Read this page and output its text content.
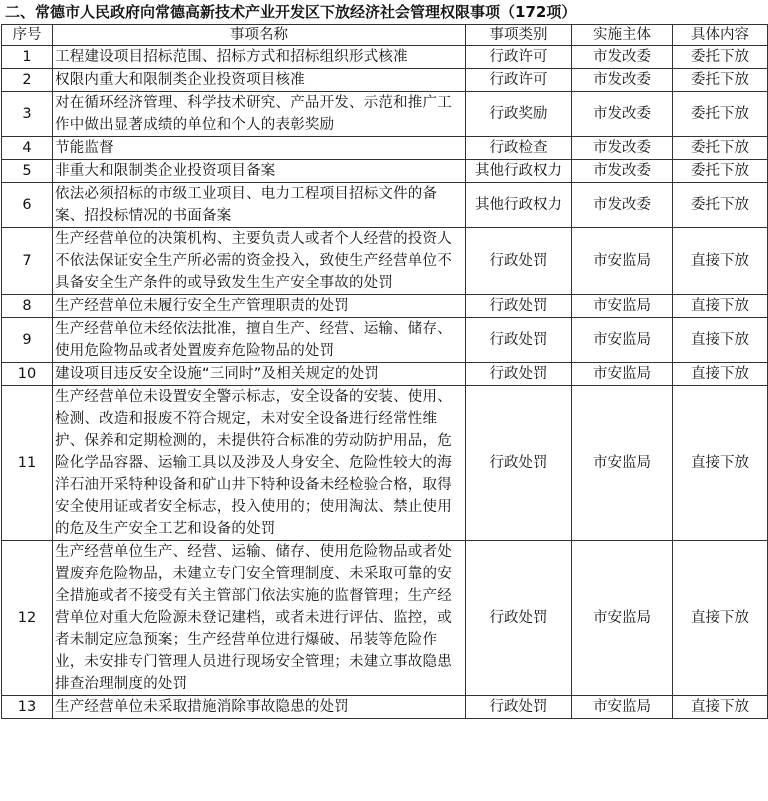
二、常德市人民政府向常德高新技术产业开发区下放经济社会管理权限事项（172项）
序号	事项名称	事项类别	实施主体	具体内容
1	工程建设项目招标范围、招标方式和招标组织形式核准	行政许可	市发改委	委托下放
2	权限内重大和限制类企业投资项目核准	行政许可	市发改委	委托下放
3	对在循环经济管理、科学技术研究、产品开发、示范和推广工作中做出显著成绩的单位和个人的表彰奖励	行政奖励	市发改委	委托下放
4	节能监督	行政检查	市发改委	委托下放
5	非重大和限制类企业投资项目备案	其他行政权力	市发改委	委托下放
6	依法必须招标的市级工业项目、电力工程项目招标文件的备案、招投标情况的书面备案	其他行政权力	市发改委	委托下放
7	生产经营单位的决策机构、主要负责人或者个人经营的投资人不依法保证安全生产所必需的资金投入，致使生产经营单位不具备安全生产条件的或导致发生生产安全事故的处罚	行政处罚	市安监局	直接下放
8	生产经营单位未履行安全生产管理职责的处罚	行政处罚	市安监局	直接下放
9	生产经营单位未经依法批准，擅自生产、经营、运输、储存、使用危险物品或者处置废弃危险物品的处罚	行政处罚	市安监局	直接下放
10	建设项目违反安全设施“三同时”及相关规定的处罚	行政处罚	市安监局	直接下放
11	生产经营单位未设置安全警示标志，安全设备的安装、使用、检测、改造和报废不符合规定，未对安全设备进行经常性维护、保养和定期检测的，未提供符合标准的劳动防护用品，危险化学品容器、运输工具以及涉及人身安全、危险性较大的海洋石油开采特种设备和矿山井下特种设备未经检验合格，取得安全使用证或者安全标志，投入使用的；使用淘汰、禁止使用的危及生产安全工艺和设备的处罚	行政处罚	市安监局	直接下放
12	生产经营单位生产、经营、运输、储存、使用危险物品或者处置废弃危险物品，未建立专门安全管理制度、未采取可靠的安全措施或者不接受有关主管部门依法实施的监督管理；生产经营单位对重大危险源未登记建档，或者未进行评估、监控，或者未制定应急预案；生产经营单位进行爆破、吊装等危险作业，未安排专门管理人员进行现场安全管理；未建立事故隐患排查治理制度的处罚	行政处罚	市安监局	直接下放
13	生产经营单位未采取措施消除事故隐患的处罚	行政处罚	市安监局	直接下放
